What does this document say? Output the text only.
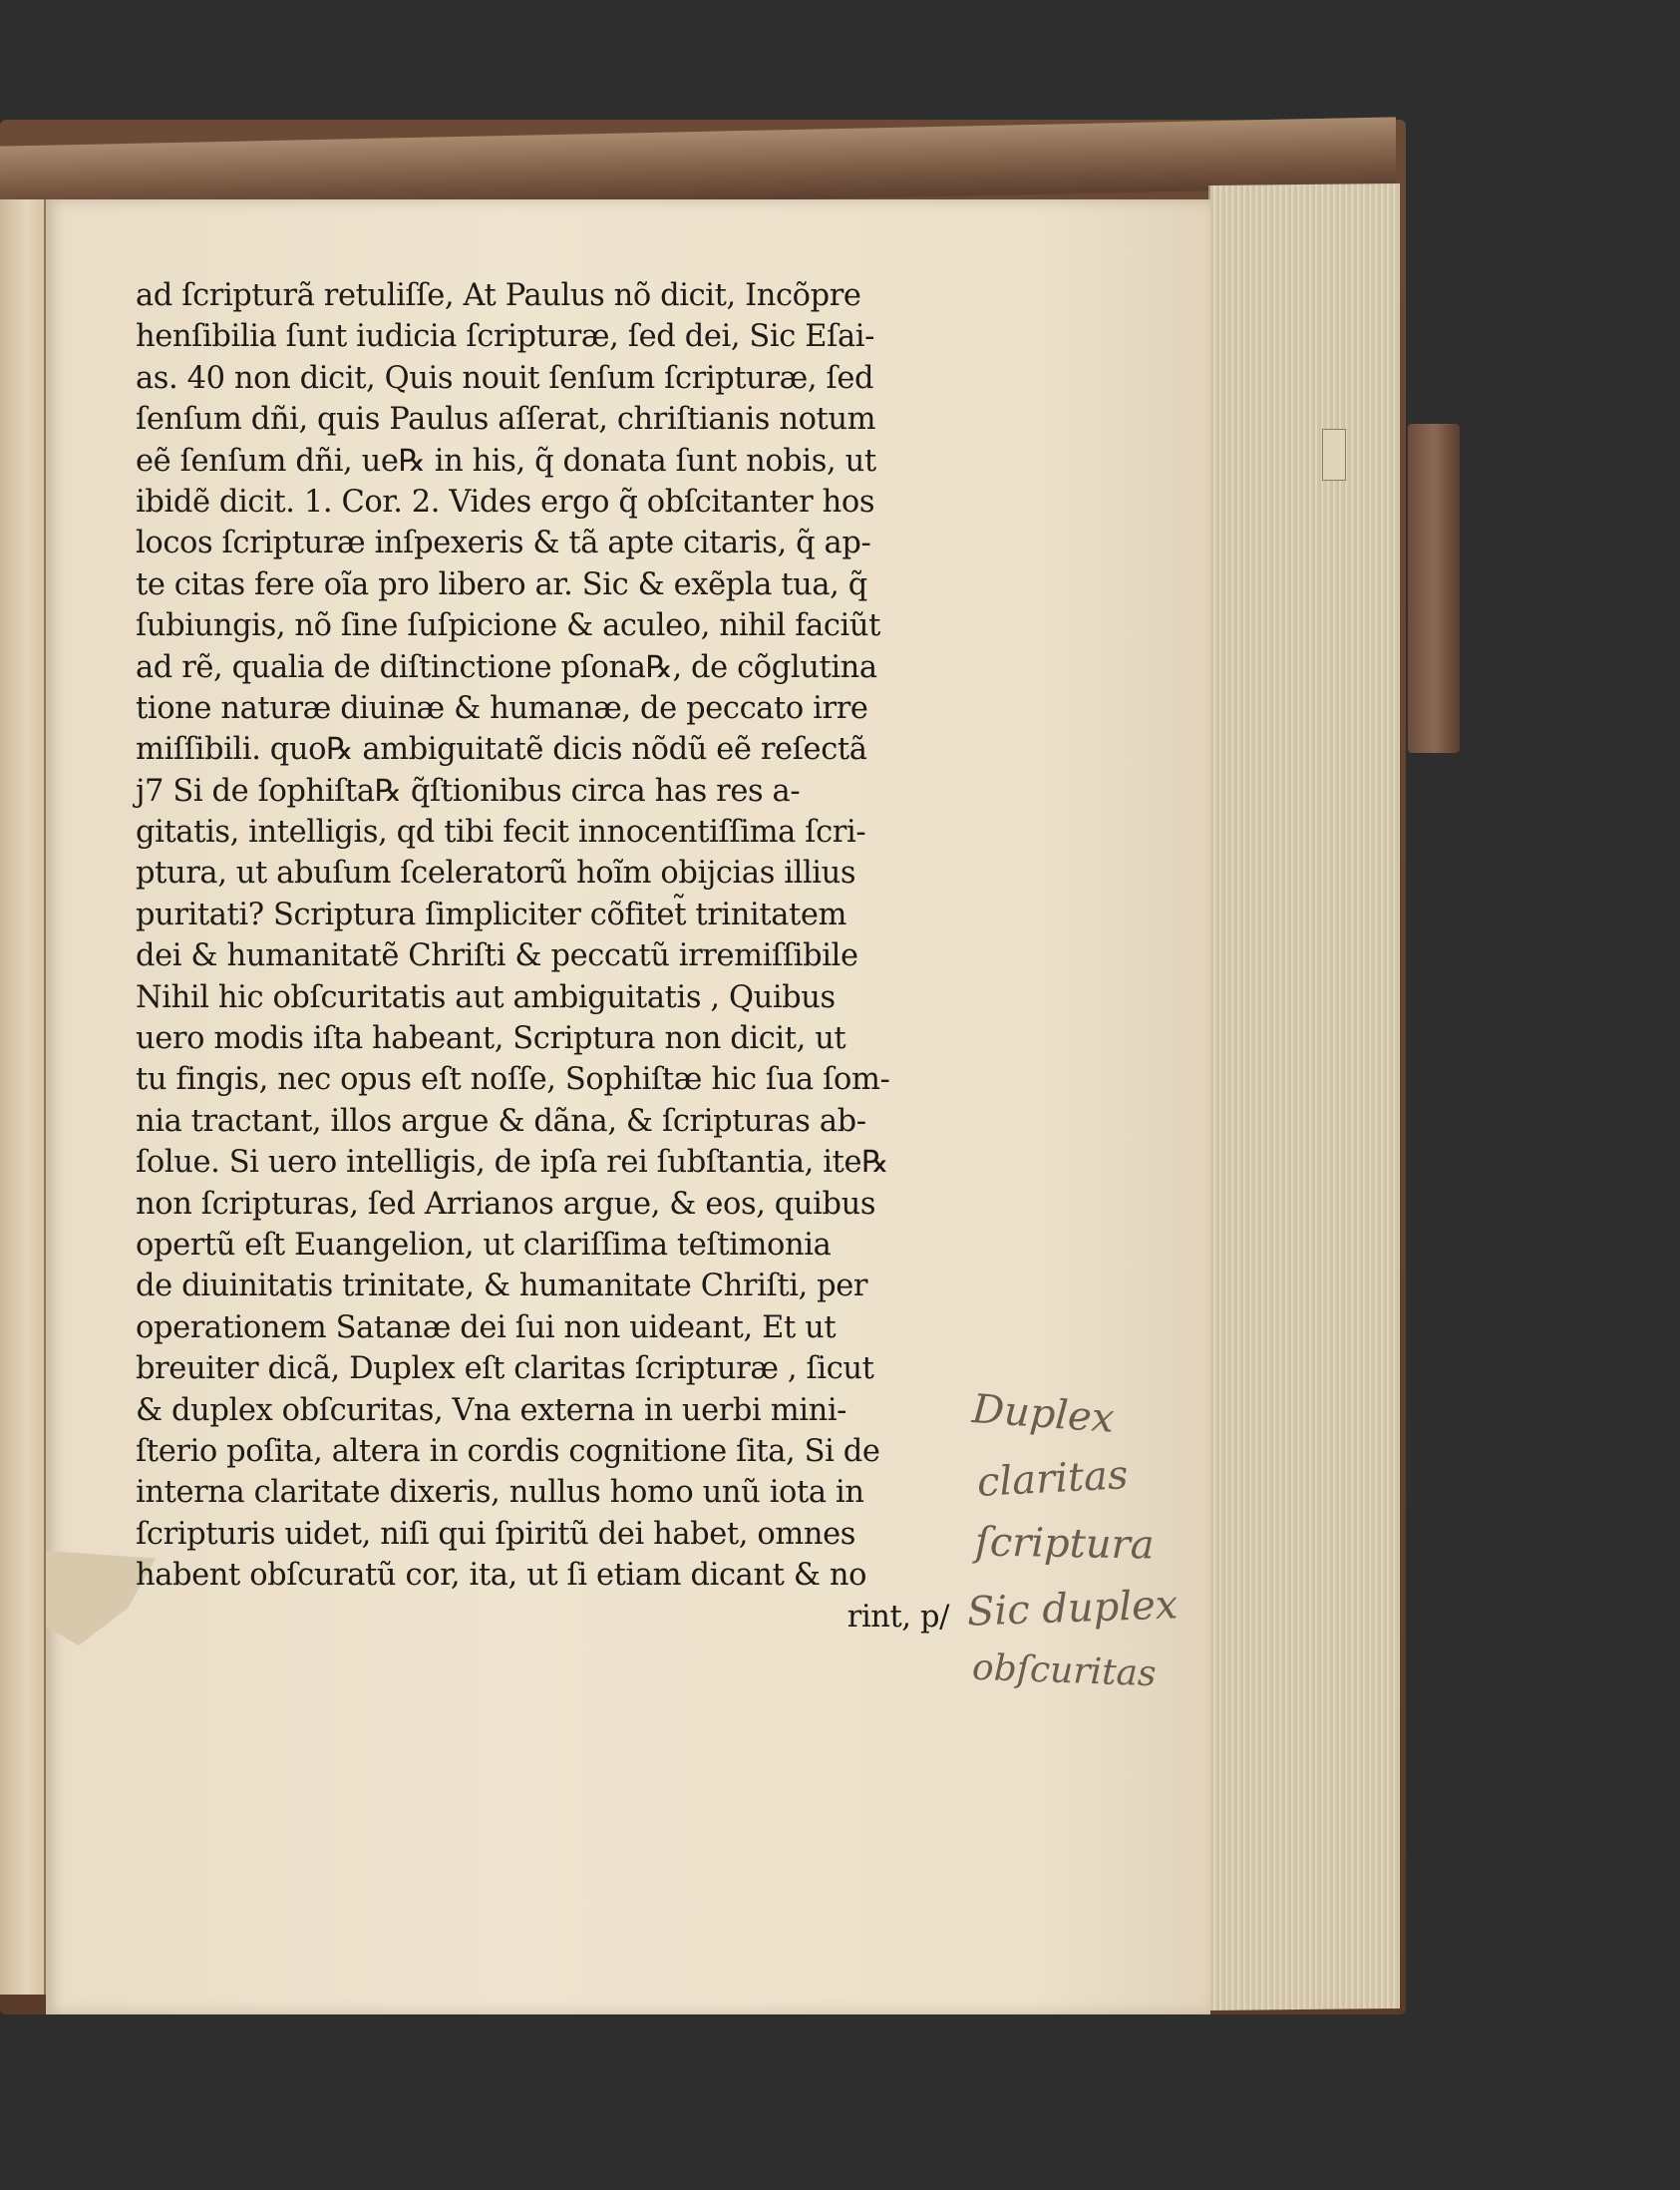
ad ſcripturã retuliſſe, At Paulus nõ dicit, Incõpre
henſibilia ſunt iudicia ſcripturæ, ſed dei, Sic Eſai-
as. 40 non dicit, Quis nouit ſenſum ſcripturæ, ſed
ſenſum dñi, quis Paulus aſſerat, chriſtianis notum
eẽ ſenſum dñi, ue℞ in his, q̃ donata ſunt nobis, ut
ibidẽ dicit. 1. Cor. 2. Vides ergo q̃ obſcitanter hos
locos ſcripturæ inſpexeris & tã apte citaris, q̃ ap-
te citas fere oĩa pro libero ar. Sic & exẽpla tua, q̃
ſubiungis, nõ ſine ſuſpicione & aculeo, nihil faciũt
ad rẽ, qualia de diſtinctione pſona℞, de cõglutina
tione naturæ diuinæ & humanæ, de peccato irre
miſſibili. quo℞ ambiguitatẽ dicis nõdũ eẽ reſectã
j7 Si de ſophiſta℞ q̃ſtionibus circa has res a-
gitatis, intelligis, qd tibi fecit innocentiſſima ſcri-
ptura, ut abuſum ſceleratorũ hoĩm obijcias illius
puritati? Scriptura ſimpliciter cõfitet̃ trinitatem
dei & humanitatẽ Chriſti & peccatũ irremiſſibile
Nihil hic obſcuritatis aut ambiguitatis , Quibus
uero modis iſta habeant, Scriptura non dicit, ut
tu fingis, nec opus eſt noſſe, Sophiſtæ hic ſua ſom-
nia tractant, illos argue & dãna, & ſcripturas ab-
ſolue. Si uero intelligis, de ipſa rei ſubſtantia, ite℞
non ſcripturas, ſed Arrianos argue, & eos, quibus
opertũ eſt Euangelion, ut clariſſima teſtimonia
de diuinitatis trinitate, & humanitate Chriſti, per
operationem Satanæ dei ſui non uideant, Et ut
breuiter dicã, Duplex eſt claritas ſcripturæ , ſicut
& duplex obſcuritas, Vna externa in uerbi mini-
ſterio poſita, altera in cordis cognitione ſita, Si de
interna claritate dixeris, nullus homo unũ iota in
ſcripturis uidet, niſi qui ſpiritũ dei habet, omnes
habent obſcuratũ cor, ita, ut ſi etiam dicant & no
rint, p/
Duplex
claritas
ſcriptura
Sic duplex
obſcuritas
